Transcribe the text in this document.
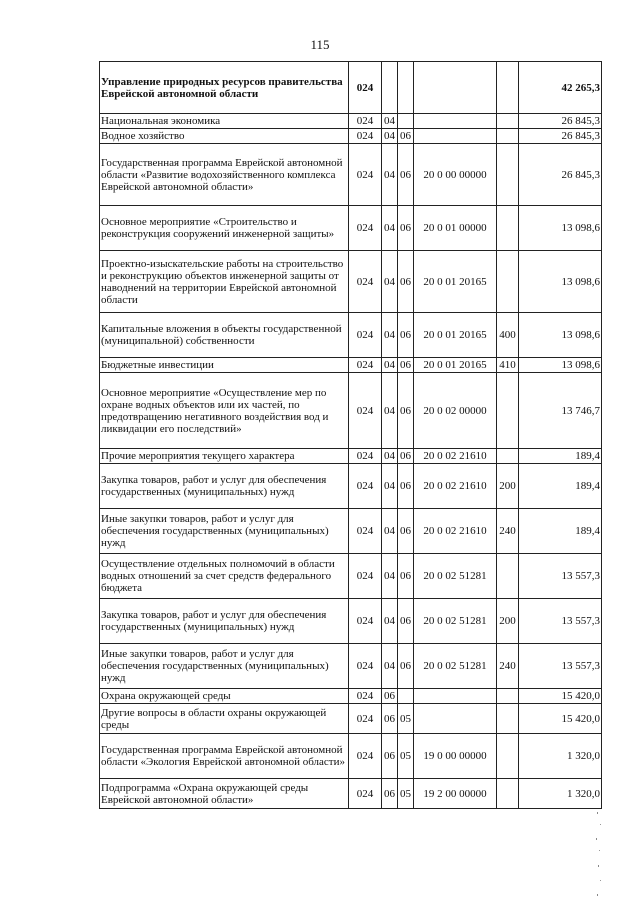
115
Управление природных ресурсов правительства Еврейской автономной области	024					42 265,3
Национальная экономика	024	04				26 845,3
Водное хозяйство	024	04	06			26 845,3
Государственная программа Еврейской автономной области «Развитие водохозяйственного комплекса Еврейской автономной области»	024	04	06	20 0 00 00000		26 845,3
Основное мероприятие «Строительство и реконструкция сооружений инженерной защиты»	024	04	06	20 0 01 00000		13 098,6
Проектно-изыскательские работы на строительство и реконструкцию объектов инженерной защиты от наводнений на территории Еврейской автономной области	024	04	06	20 0 01 20165		13 098,6
Капитальные вложения в объекты государственной (муниципальной) собственности	024	04	06	20 0 01 20165	400	13 098,6
Бюджетные инвестиции	024	04	06	20 0 01 20165	410	13 098,6
Основное мероприятие «Осуществление мер по охране водных объектов или их частей, по предотвращению негативного воздействия вод и ликвидации его последствий»	024	04	06	20 0 02 00000		13 746,7
Прочие мероприятия текущего характера	024	04	06	20 0 02 21610		189,4
Закупка товаров, работ и услуг для обеспечения государственных (муниципальных) нужд	024	04	06	20 0 02 21610	200	189,4
Иные закупки товаров, работ и услуг для обеспечения государственных (муниципальных) нужд	024	04	06	20 0 02 21610	240	189,4
Осуществление отдельных полномочий в области водных отношений за счет средств федерального бюджета	024	04	06	20 0 02 51281		13 557,3
Закупка товаров, работ и услуг для обеспечения государственных (муниципальных) нужд	024	04	06	20 0 02 51281	200	13 557,3
Иные закупки товаров, работ и услуг для обеспечения государственных (муниципальных) нужд	024	04	06	20 0 02 51281	240	13 557,3
Охрана окружающей среды	024	06				15 420,0
Другие вопросы в области охраны окружающей среды	024	06	05			15 420,0
Государственная программа Еврейской автономной области «Экология Еврейской автономной области»	024	06	05	19 0 00 00000		1 320,0
Подпрограмма «Охрана окружающей среды Еврейской автономной области»	024	06	05	19 2 00 00000		1 320,0
